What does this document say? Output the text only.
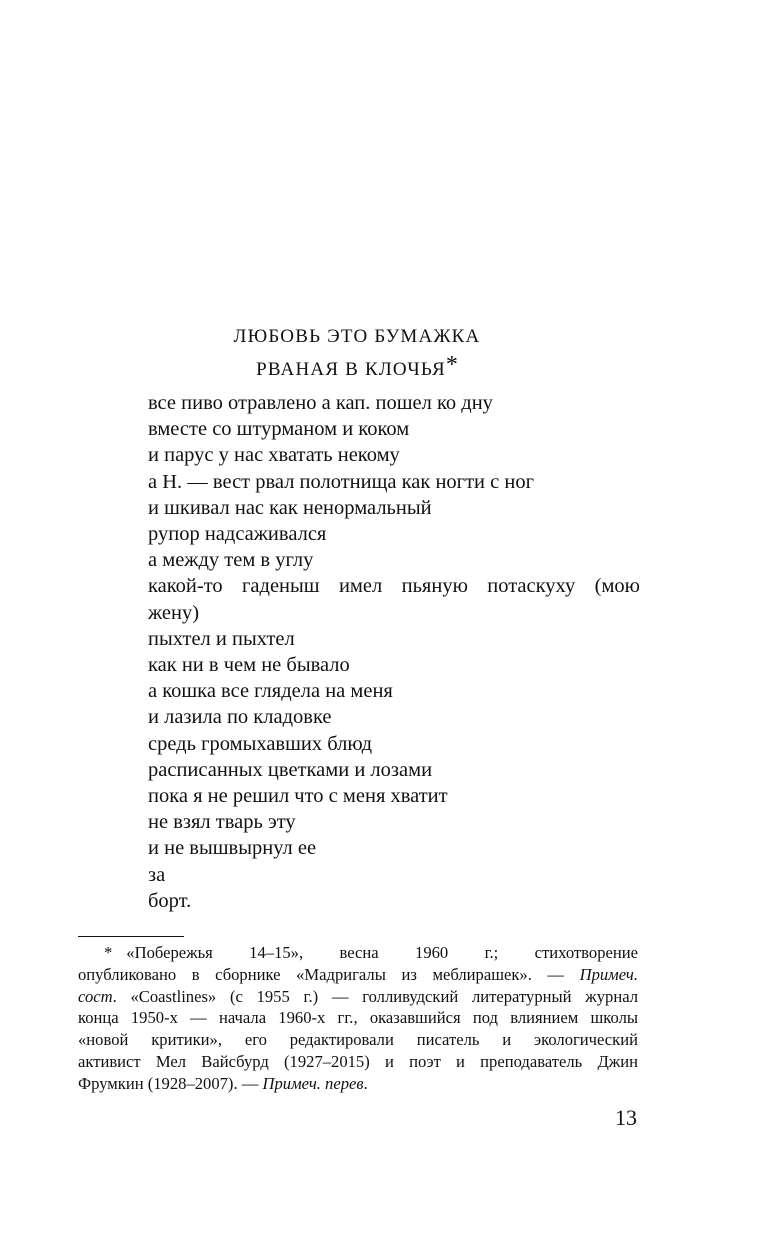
ЛЮБОВЬ ЭТО БУМАЖКА
РВАНАЯ В КЛОЧЬЯ*
все пиво отравлено а кап. пошел ко дну
вместе со штурманом и коком
и парус у нас хватать некому
а Н. — вест рвал полотнища как ногти с ног
и шкивал нас как ненормальный
рупор надсаживался
а между тем в углу
какой-то гаденыш имел пьяную потаскуху (мою
жену)
пыхтел и пыхтел
как ни в чем не бывало
а кошка все глядела на меня
и лазила по кладовке
средь громыхавших блюд
расписанных цветками и лозами
пока я не решил что с меня хватит
не взял тварь эту
и не вышвырнул ее
за
борт.
* «Побережья 14–15», весна 1960 г.; стихотворение
опубликовано в сборнике «Мадригалы из меблирашек». — Примеч.
сост. «Coastlines» (с 1955 г.) — голливудский литературный журнал
конца 1950-х — начала 1960-х гг., оказавшийся под влиянием школы
«новой критики», его редактировали писатель и экологический
активист Мел Вайсбурд (1927–2015) и поэт и преподаватель Джин
Фрумкин (1928–2007). — Примеч. перев.
13
